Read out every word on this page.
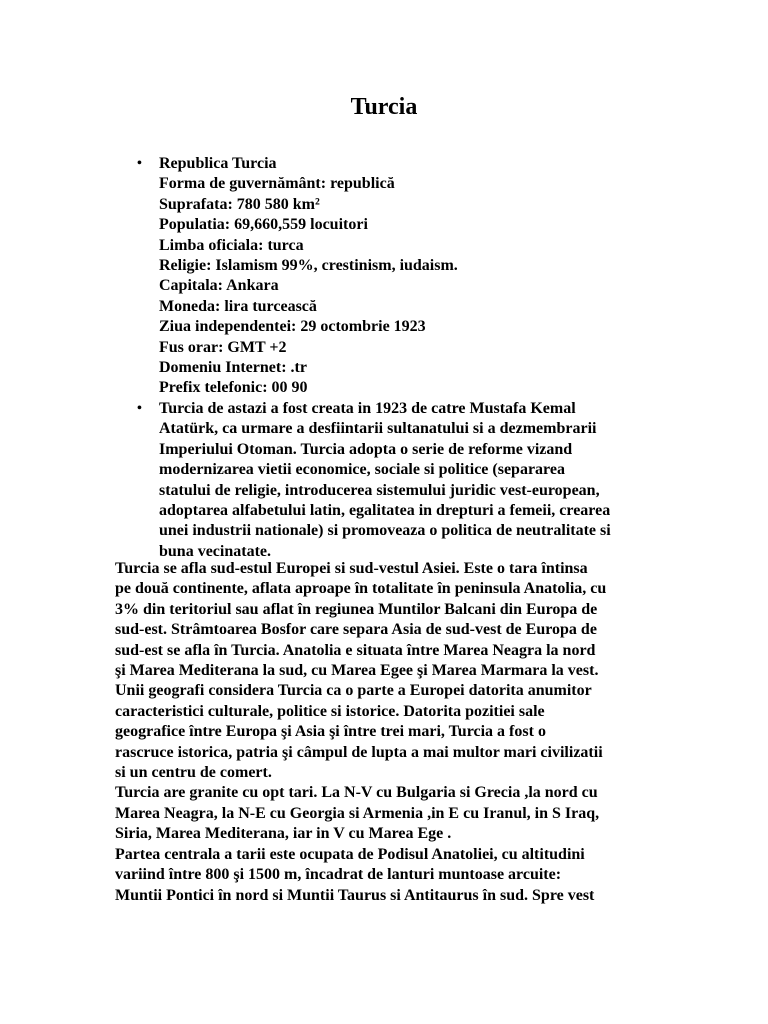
Turcia
• Republica Turcia
Forma de guvernământ: republică
Suprafata: 780 580 km²
Populatia: 69,660,559 locuitori
Limba oficiala: turca
Religie: Islamism 99%, crestinism, iudaism.
Capitala: Ankara
Moneda: lira turcească
Ziua independentei: 29 octombrie 1923
Fus orar: GMT +2
Domeniu Internet: .tr
Prefix telefonic: 00 90
• Turcia de astazi a fost creata in 1923 de catre Mustafa Kemal
Atatürk, ca urmare a desfiintarii sultanatului si a dezmembrarii
Imperiului Otoman. Turcia adopta o serie de reforme vizand
modernizarea vietii economice, sociale si politice (separarea
statului de religie, introducerea sistemului juridic vest-european,
adoptarea alfabetului latin, egalitatea in drepturi a femeii, crearea
unei industrii nationale) si promoveaza o politica de neutralitate si
buna vecinatate.
Turcia se afla sud-estul Europei si sud-vestul Asiei. Este o tara întinsa
pe două continente, aflata aproape în totalitate în peninsula Anatolia, cu
3% din teritoriul sau aflat în regiunea Muntilor Balcani din Europa de
sud-est. Strâmtoarea Bosfor care separa Asia de sud-vest de Europa de
sud-est se afla în Turcia. Anatolia e situata între Marea Neagra la nord
şi Marea Mediterana la sud, cu Marea Egee şi Marea Marmara la vest.
Unii geografi considera Turcia ca o parte a Europei datorita anumitor
caracteristici culturale, politice si istorice. Datorita pozitiei sale
geografice între Europa şi Asia şi între trei mari, Turcia a fost o
rascruce istorica, patria şi câmpul de lupta a mai multor mari civilizatii
si un centru de comert.
Turcia are granite cu opt tari. La N-V cu Bulgaria si Grecia ,la nord cu
Marea Neagra, la N-E cu Georgia si Armenia ,in E cu Iranul, in S Iraq,
Siria, Marea Mediterana, iar in V cu Marea Ege .
Partea centrala a tarii este ocupata de Podisul Anatoliei, cu altitudini
variind între 800 şi 1500 m, încadrat de lanturi muntoase arcuite:
Muntii Pontici în nord si Muntii Taurus si Antitaurus în sud. Spre vest
